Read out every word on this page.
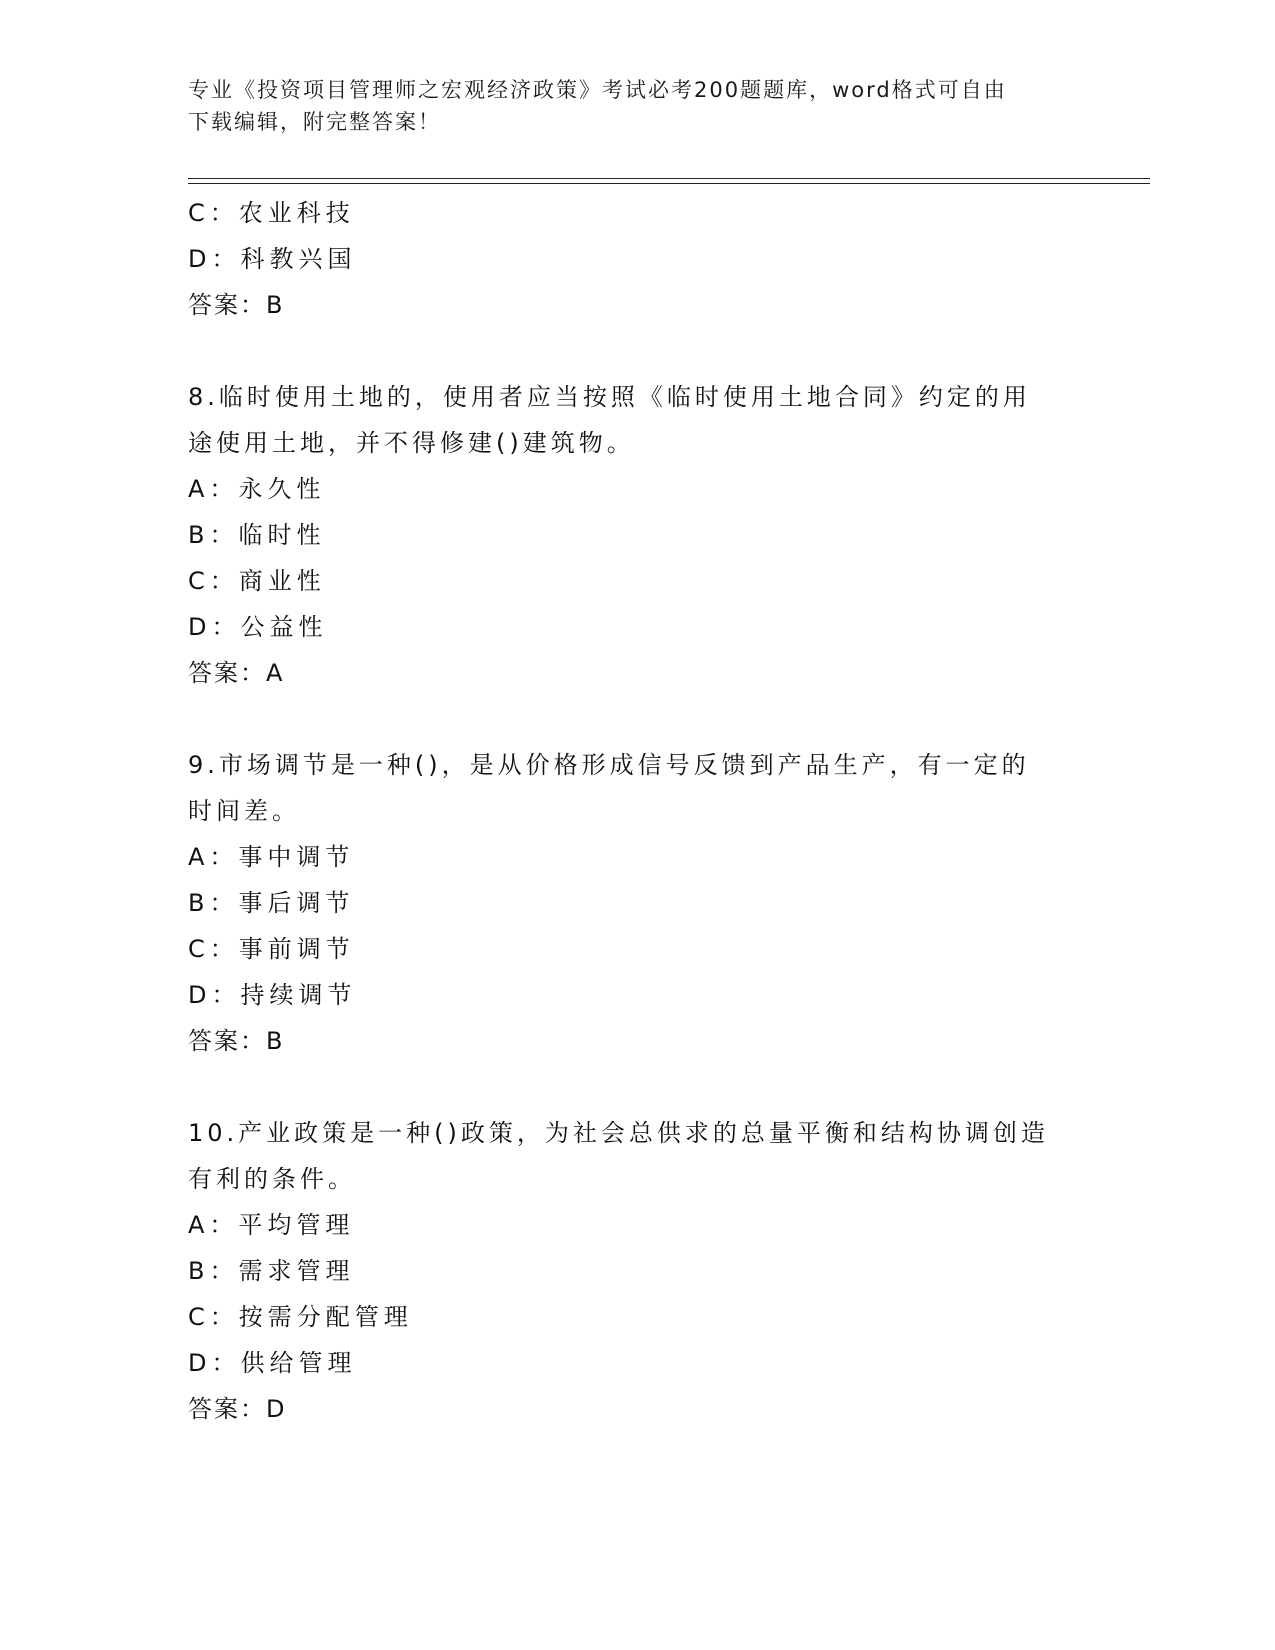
专业《投资项目管理师之宏观经济政策》考试必考200题题库，word格式可自由
下载编辑，附完整答案！
C：农业科技
D：科教兴国
答案：B
8.临时使用土地的，使用者应当按照《临时使用土地合同》约定的用
途使用土地，并不得修建()建筑物。
A：永久性
B：临时性
C：商业性
D：公益性
答案：A
9.市场调节是一种()，是从价格形成信号反馈到产品生产，有一定的
时间差。
A：事中调节
B：事后调节
C：事前调节
D：持续调节
答案：B
10.产业政策是一种()政策，为社会总供求的总量平衡和结构协调创造
有利的条件。
A：平均管理
B：需求管理
C：按需分配管理
D：供给管理
答案：D
